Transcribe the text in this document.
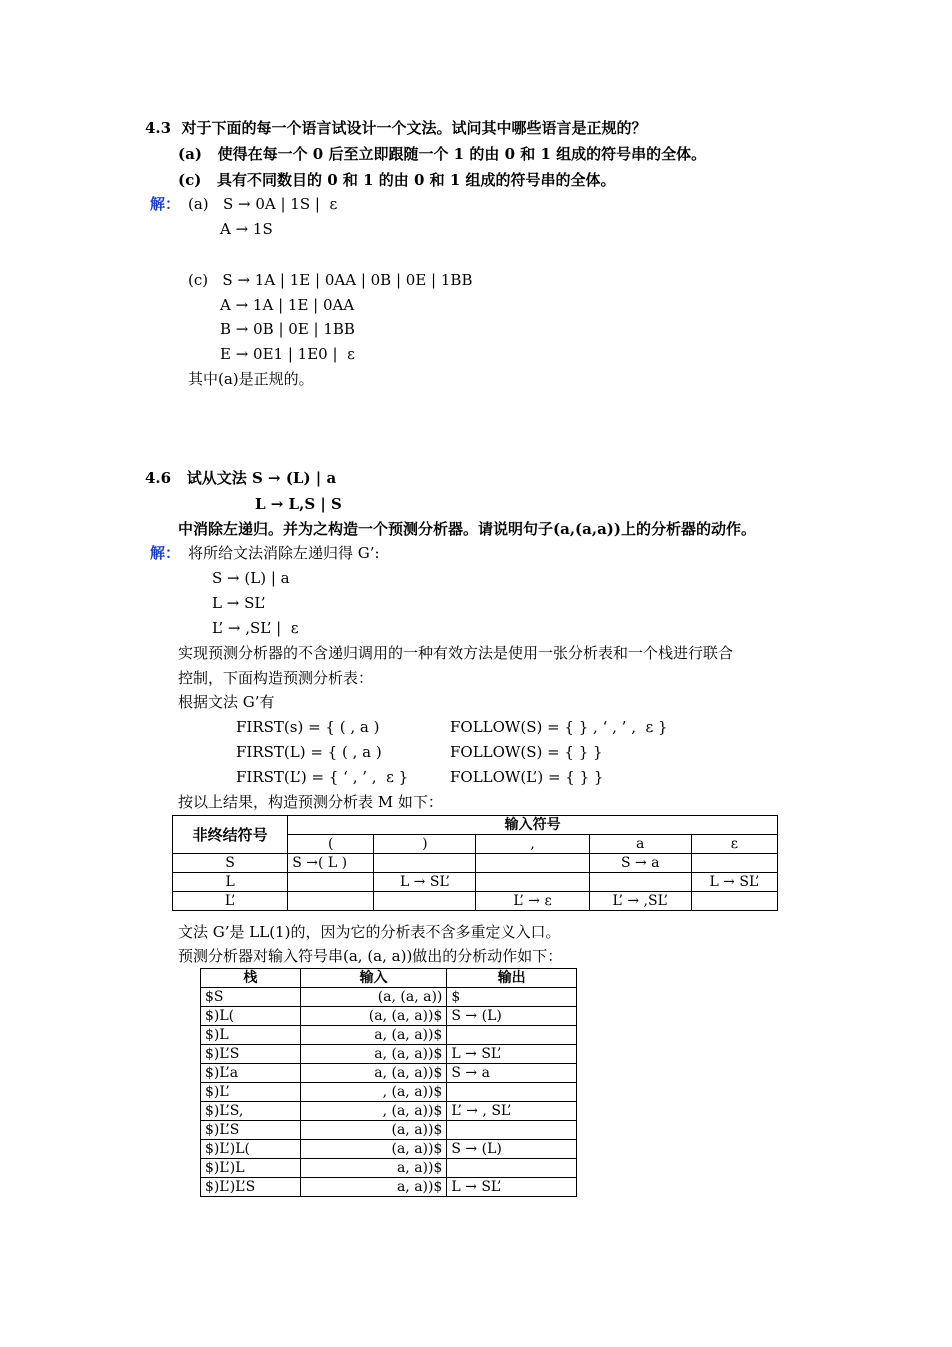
4.3  对于下面的每一个语言试设计一个文法。试问其中哪些语言是正规的？
(a)   使得在每一个 0 后至立即跟随一个 1 的由 0 和 1 组成的符号串的全体。
(c)   具有不同数目的 0 和 1 的由 0 和 1 组成的符号串的全体。
解： (a)   S → 0A | 1S |  ε
A → 1S
(c)   S → 1A | 1E | 0AA | 0B | 0E | 1BB
A → 1A | 1E | 0AA
B → 0B | 0E | 1BB
E → 0E1 | 1E0 |  ε
其中(a)是正规的。
4.6   试从文法 S → (L) | a
L → L,S | S
中消除左递归。并为之构造一个预测分析器。请说明句子(a,(a,a))上的分析器的动作。
解： 将所给文法消除左递归得 G’:
S → (L) | a
L → SL’
L’ → ,SL’ |  ε
实现预测分析器的不含递归调用的一种有效方法是使用一张分析表和一个栈进行联合
控制，下面构造预测分析表：
根据文法 G’有
FIRST(s) = { ( , a )	FOLLOW(S) = { } , ‘ , ’ ,  ε }
FIRST(L) = { ( , a )	FOLLOW(S) = { } }
FIRST(L’) = { ‘ , ’ ,  ε }	FOLLOW(L’) = { } }
按以上结果，构造预测分析表 M 如下：
非终结符号	输入符号				
	(	)	,	a	ε
S	S →( L )			S → a	
L		L → SL’			L → SL’
L’			L’ → ε	L’ → ,SL’	
文法 G’是 LL(1)的，因为它的分析表不含多重定义入口。
预测分析器对输入符号串(a, (a, a))做出的分析动作如下：
栈	输入	输出
$S	(a, (a, a))	$
$)L(	(a, (a, a))$	S → (L)
$)L	a, (a, a))$	
$)L’S	a, (a, a))$	L → SL’
$)L’a	a, (a, a))$	S → a
$)L’	, (a, a))$	
$)L’S,	, (a, a))$	L’ → , SL’
$)L’S	(a, a))$	
$)L’)L(	(a, a))$	S → (L)
$)L’)L	a, a))$	
$)L’)L’S	a, a))$	L → SL’
